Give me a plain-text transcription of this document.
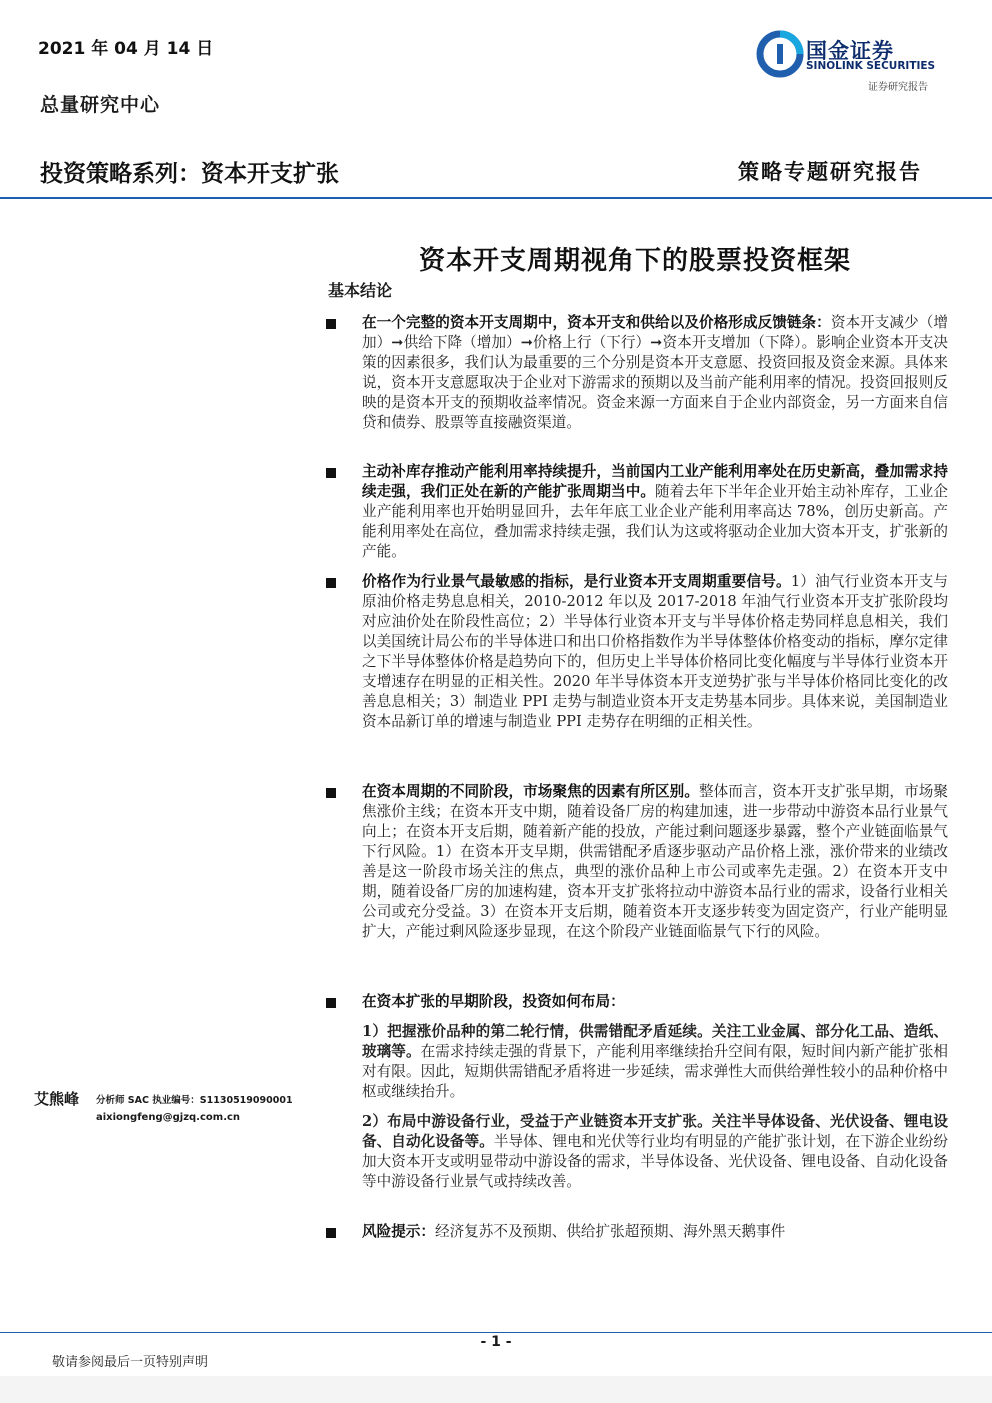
2021 年 04 月 14 日
总量研究中心
国金证券
SINOLINK SECURITIES
证券研究报告
投资策略系列：资本开支扩张	策略专题研究报告
资本开支周期视角下的股票投资框架
基本结论
在一个完整的资本开支周期中，资本开支和供给以及价格形成反馈链条：资本开支减少（增加）➞供给下降（增加）➞价格上行（下行）➞资本开支增加（下降）。影响企业资本开支决策的因素很多，我们认为最重要的三个分别是资本开支意愿、投资回报及资金来源。具体来说，资本开支意愿取决于企业对下游需求的预期以及当前产能利用率的情况。投资回报则反映的是资本开支的预期收益率情况。资金来源一方面来自于企业内部资金，另一方面来自信贷和债券、股票等直接融资渠道。
主动补库存推动产能利用率持续提升，当前国内工业产能利用率处在历史新高，叠加需求持续走强，我们正处在新的产能扩张周期当中。随着去年下半年企业开始主动补库存，工业企业产能利用率也开始明显回升，去年年底工业企业产能利用率高达 78%，创历史新高。产能利用率处在高位，叠加需求持续走强，我们认为这或将驱动企业加大资本开支，扩张新的产能。
价格作为行业景气最敏感的指标，是行业资本开支周期重要信号。1）油气行业资本开支与原油价格走势息息相关，2010-2012 年以及 2017-2018 年油气行业资本开支扩张阶段均对应油价处在阶段性高位；2）半导体行业资本开支与半导体价格走势同样息息相关，我们以美国统计局公布的半导体进口和出口价格指数作为半导体整体价格变动的指标，摩尔定律之下半导体整体价格是趋势向下的，但历史上半导体价格同比变化幅度与半导体行业资本开支增速存在明显的正相关性。2020 年半导体资本开支逆势扩张与半导体价格同比变化的改善息息相关；3）制造业 PPI 走势与制造业资本开支走势基本同步。具体来说，美国制造业资本品新订单的增速与制造业 PPI 走势存在明细的正相关性。
在资本周期的不同阶段，市场聚焦的因素有所区别。整体而言，资本开支扩张早期，市场聚焦涨价主线；在资本开支中期，随着设备厂房的构建加速，进一步带动中游资本品行业景气向上；在资本开支后期，随着新产能的投放，产能过剩问题逐步暴露，整个产业链面临景气下行风险。1）在资本开支早期，供需错配矛盾逐步驱动产品价格上涨，涨价带来的业绩改善是这一阶段市场关注的焦点，典型的涨价品种上市公司或率先走强。2）在资本开支中期，随着设备厂房的加速构建，资本开支扩张将拉动中游资本品行业的需求，设备行业相关公司或充分受益。3）在资本开支后期，随着资本开支逐步转变为固定资产，行业产能明显扩大，产能过剩风险逐步显现，在这个阶段产业链面临景气下行的风险。
在资本扩张的早期阶段，投资如何布局：
1）把握涨价品种的第二轮行情，供需错配矛盾延续。关注工业金属、部分化工品、造纸、玻璃等。在需求持续走强的背景下，产能利用率继续抬升空间有限，短时间内新产能扩张相对有限。因此，短期供需错配矛盾将进一步延续，需求弹性大而供给弹性较小的品种价格中枢或继续抬升。
2）布局中游设备行业，受益于产业链资本开支扩张。关注半导体设备、光伏设备、锂电设备、自动化设备等。半导体、锂电和光伏等行业均有明显的产能扩张计划，在下游企业纷纷加大资本开支或明显带动中游设备的需求，半导体设备、光伏设备、锂电设备、自动化设备等中游设备行业景气或持续改善。
风险提示：经济复苏不及预期、供给扩张超预期、海外黑天鹅事件
艾熊峰 分析师 SAC 执业编号：S1130519090001
aixiongfeng@gjzq.com.cn
- 1 -
敬请参阅最后一页特别声明
